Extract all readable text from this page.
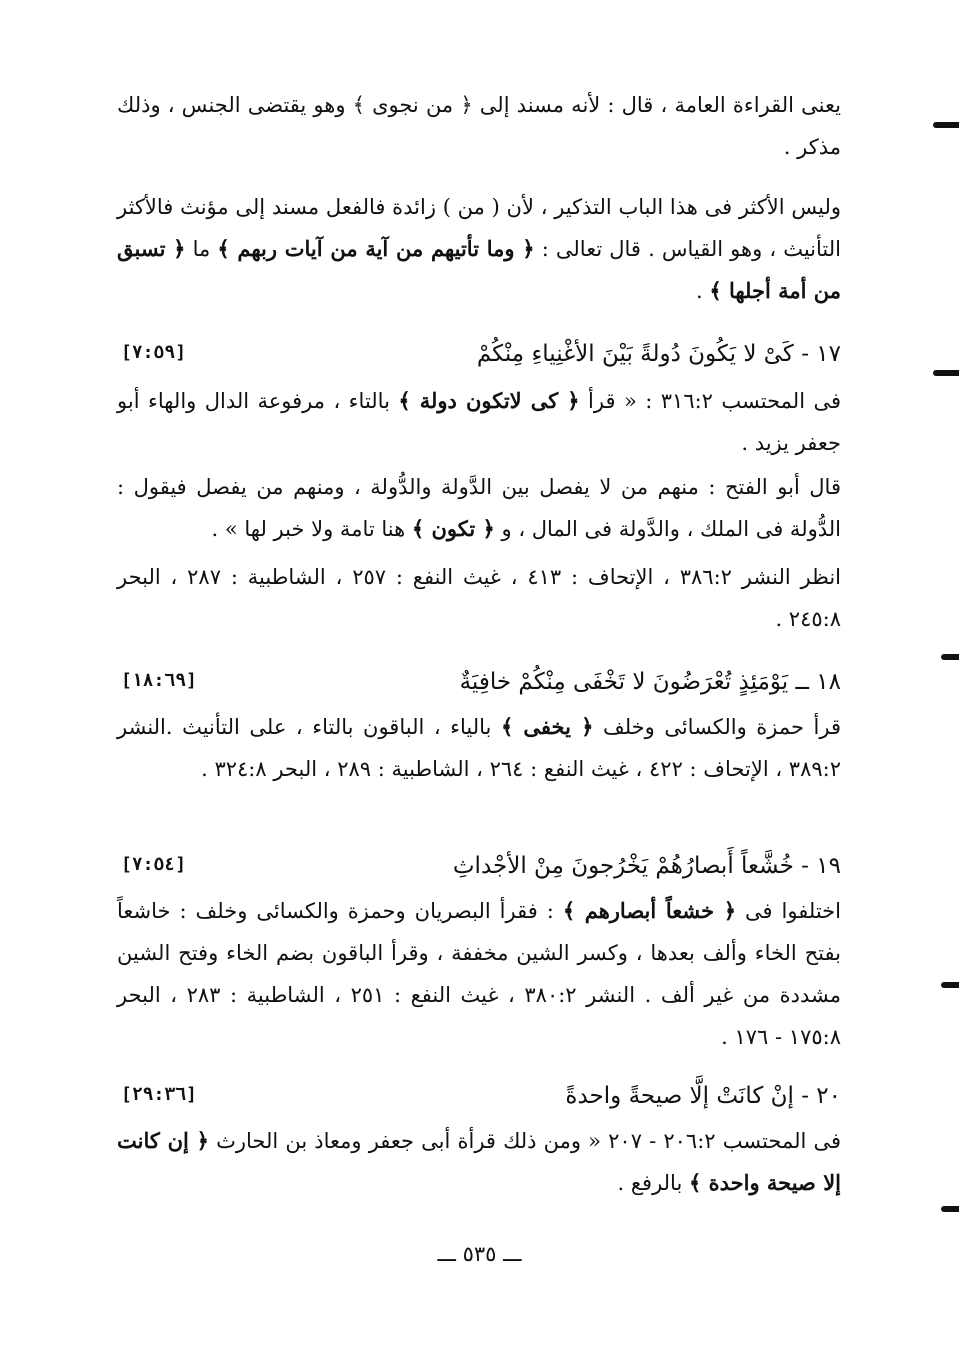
يعنى القراءة العامة ، قال : لأنه مسند إلى ﴿ من نجوى ﴾ وهو يقتضى الجنس ، وذلك مذكر .

وليس الأكثر فى هذا الباب التذكير ، لأن ( من ) زائدة فالفعل مسند إلى مؤنث فالأكثر التأنيث ، وهو القياس . قال تعالى : ﴿ وما تأتيهم من آية من آيات ربهم ﴾ ما ﴿ تسبق من أمة أجلها ﴾ .

١٧ - كَىْ لا يَكُونَ دُولةً بَيْنَ الأغْنِياءِ مِنْكُمْ
[٧:٥٩]

فى المحتسب ٣١٦:٢ : « قرأ ﴿ كى لاتكون دولة ﴾ بالتاء ، مرفوعة الدال والهاء أبو جعفر يزيد .

قال أبو الفتح : منهم من لا يفصل بين الدَّولة والدُّولة ، ومنهم من يفصل فيقول : الدُّولة فى الملك ، والدَّولة فى المال ، و ﴿ تكون ﴾ هنا تامة ولا خبر لها » .

انظر النشر ٣٨٦:٢ ، الإتحاف : ٤١٣ ، غيث النفع : ٢٥٧ ، الشاطبية : ٢٨٧ ، البحر ٢٤٥:٨ .

١٨ ــ يَوْمَئِذٍ تُعْرَضُونَ لا تَخْفَى مِنْكُمْ خافِيَةٌ
[١٨:٦٩]

قرأ حمزة والكسائى وخلف ﴿ يخفى ﴾ بالياء ، الباقون بالتاء ، على التأنيث .النشر ٣٨٩:٢ ، الإتحاف : ٤٢٢ ، غيث النفع : ٢٦٤ ، الشاطبية : ٢٨٩ ، البحر ٣٢٤:٨ .

١٩ - خُشَّعاً أَبصارُهُمْ يَخْرُجونَ مِنْ الأجْداثِ
[٧:٥٤]

اختلفوا فى ﴿ خشعاً أبصارهم ﴾ : فقرأ البصريان وحمزة والكسائى وخلف : خاشعاً بفتح الخاء وألف بعدها ، وكسر الشين مخففة ، وقرأ الباقون بضم الخاء وفتح الشين مشددة من غير ألف . النشر ٣٨٠:٢ ، غيث النفع : ٢٥١ ، الشاطبية : ٢٨٣ ، البحر ١٧٥:٨ - ١٧٦ .

٢٠ - إنْ كانَتْ إلَّا صيحةً واحدةً
[٢٩:٣٦]

فى المحتسب ٢٠٦:٢ - ٢٠٧ « ومن ذلك قرأة أبى جعفر ومعاذ بن الحارث ﴿ إن كانت إلا صيحة واحدة ﴾ بالرفع .

ـــ ٥٣٥ ـــ
